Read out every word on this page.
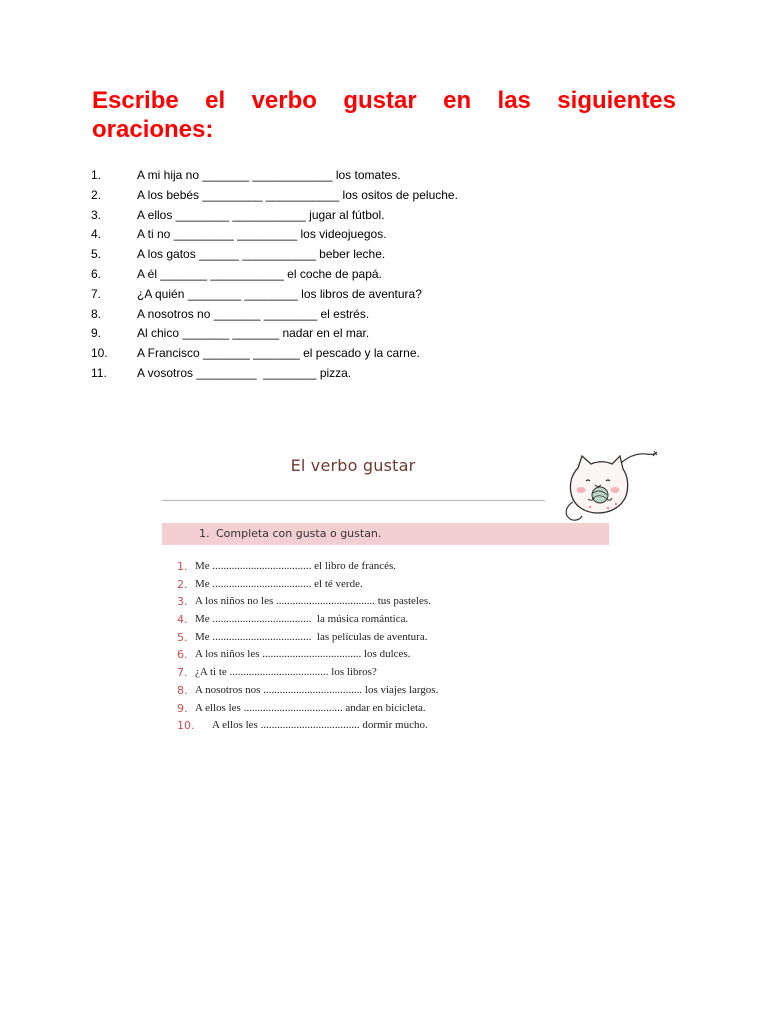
Escribe el verbo gustar en las siguientes oraciones:
1.	A mi hija no _______ ____________ los tomates.
2.	A los bebés _________ ___________ los ositos de peluche.
3.	A ellos ________ ___________ jugar al fútbol.
4.	A ti no _________ _________ los videojuegos.
5.	A los gatos ______ ___________ beber leche.
6.	A él _______ ___________ el coche de papá.
7.	¿A quién ________ ________ los libros de aventura?
8.	A nosotros no _______ ________ el estrés.
9.	Al chico _______ _______ nadar en el mar.
10.	A Francisco _______ _______ el pescado y la carne.
11.	A vosotros _________  ________ pizza.
El verbo gustar
1. Completa con gusta o gustan.
1. Me .................................... el libro de francés.
2. Me .................................... el té verde.
3. A los niños no les .................................... tus pasteles.
4. Me ....................................  la música romántica.
5. Me ....................................  las películas de aventura.
6. A los niños les .................................... los dulces.
7. ¿A ti te .................................... los libros?
8. A nosotros nos .................................... los viajes largos.
9. A ellos les .................................... andar en bicicleta.
10.	A ellos les .................................... dormir mucho.
